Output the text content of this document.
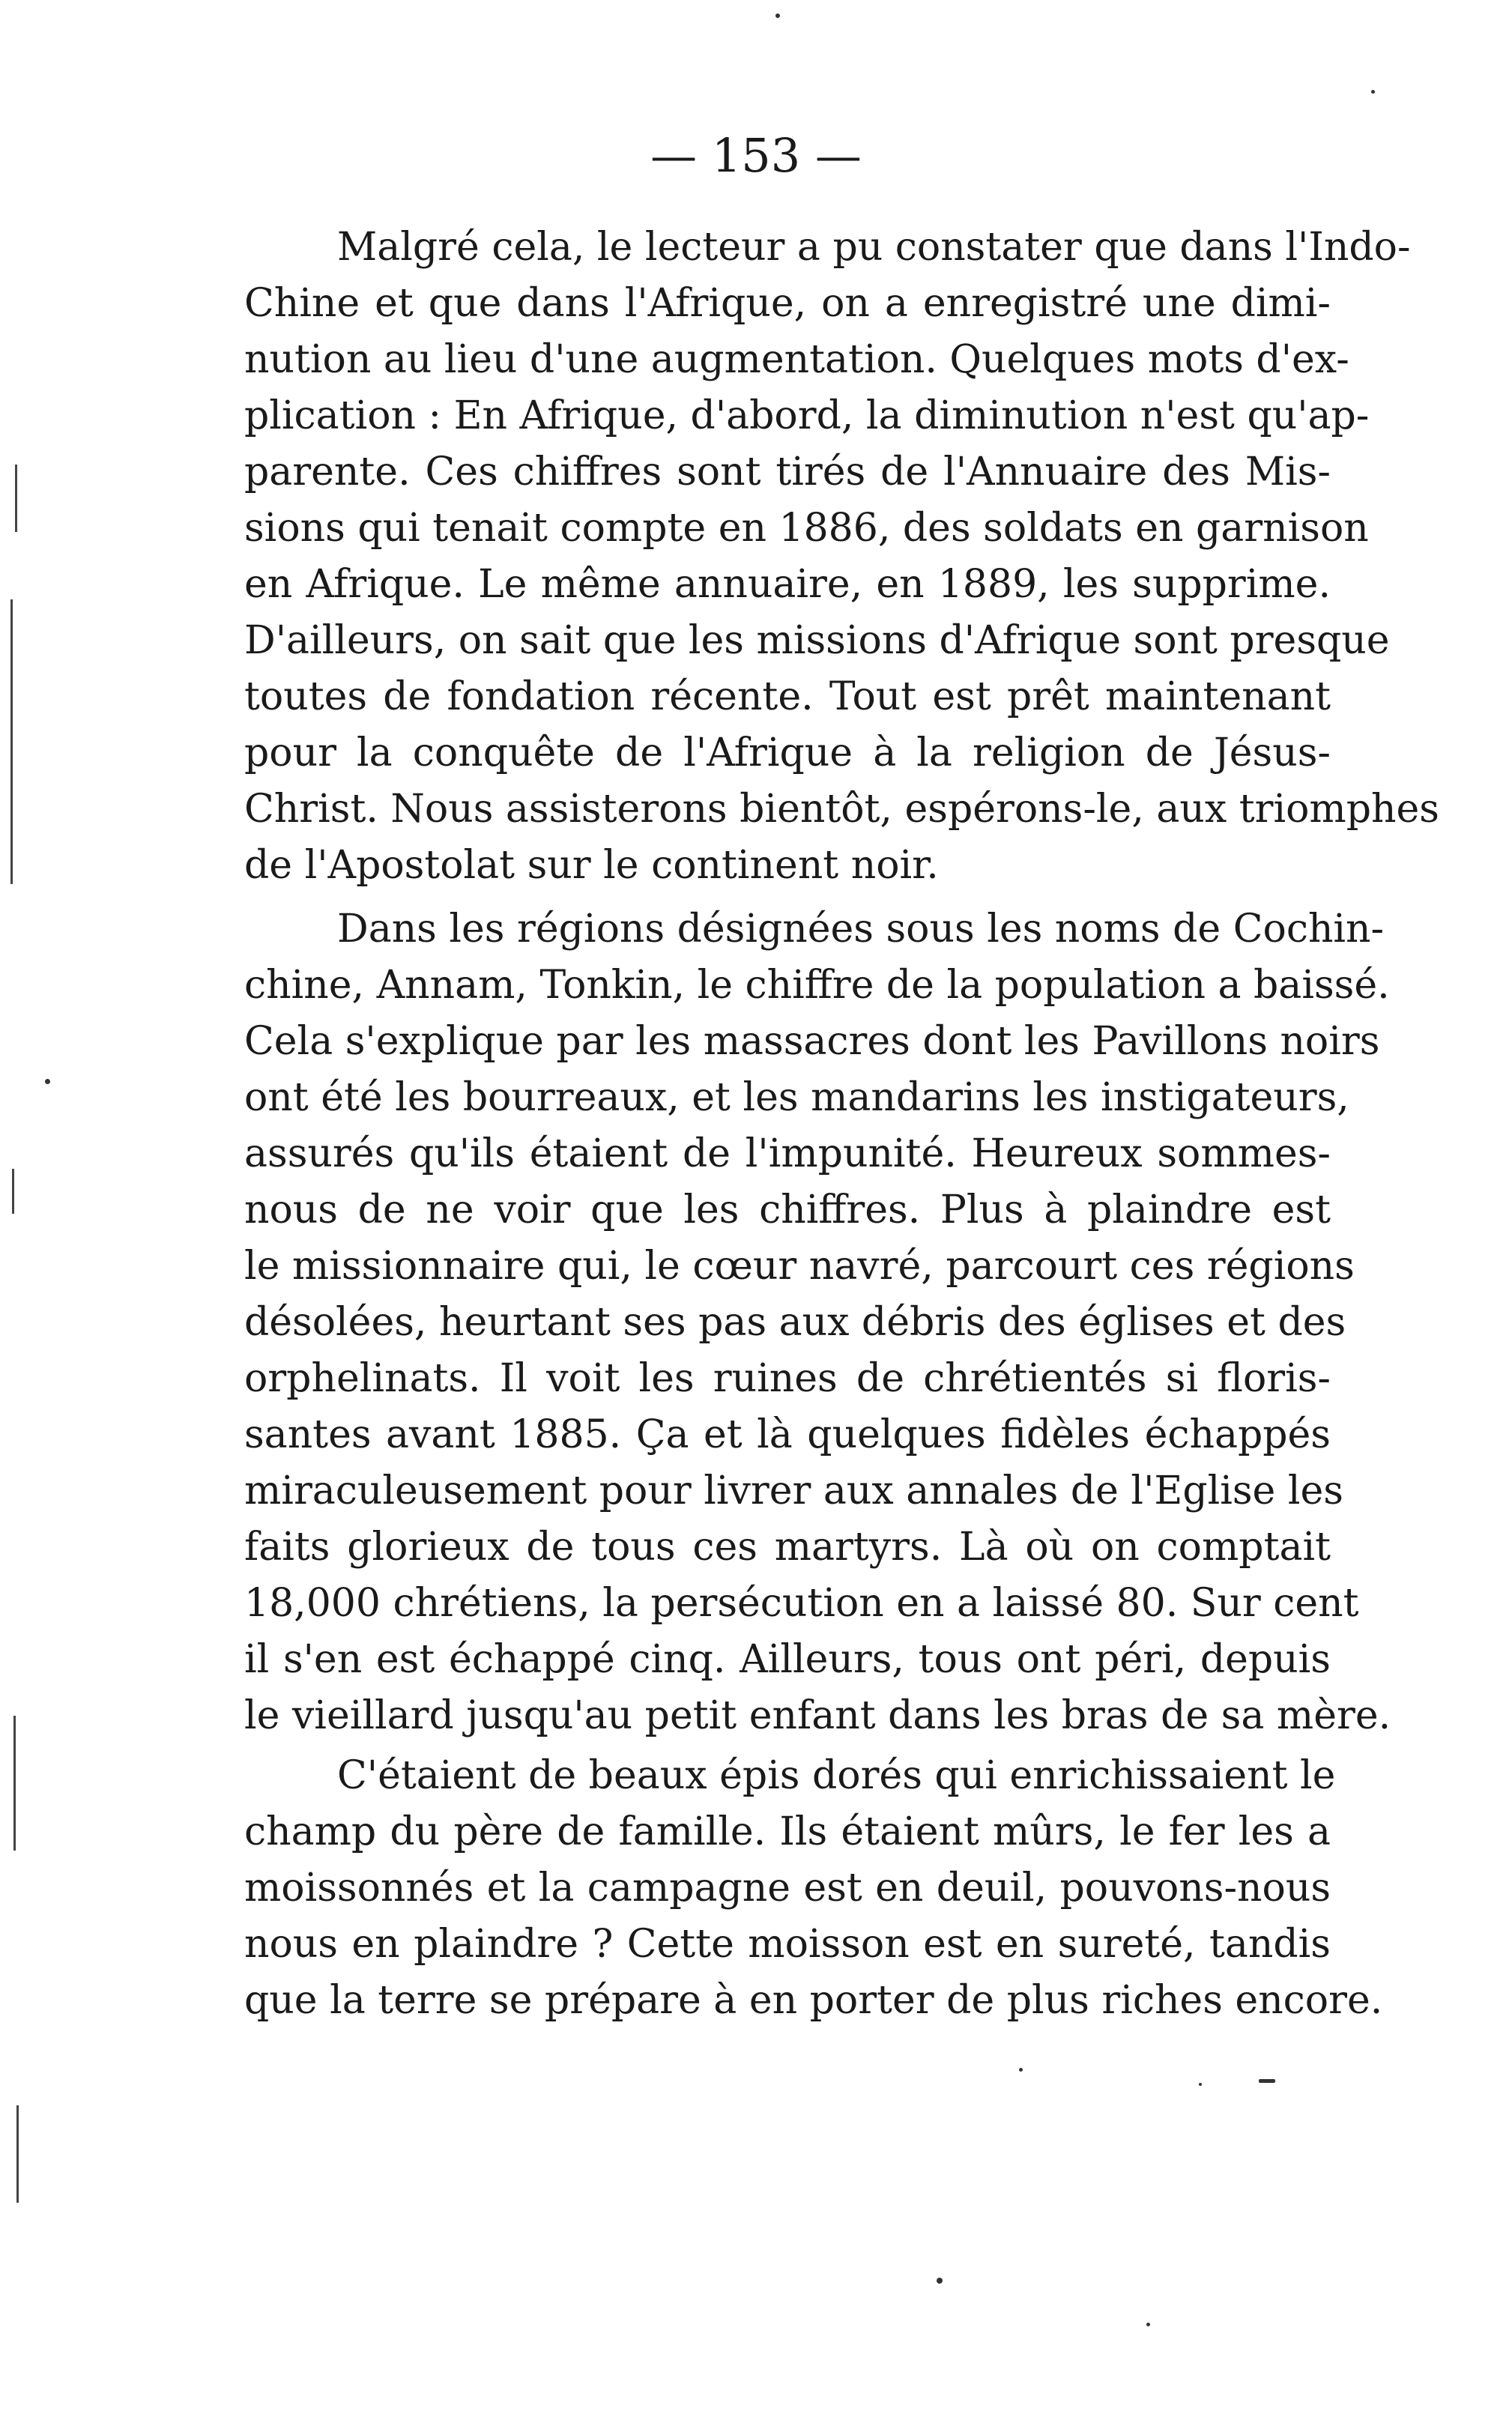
— 153 —
Malgré cela, le lecteur a pu constater que dans l'Indo-
Chine et que dans l'Afrique, on a enregistré une dimi-
nution au lieu d'une augmentation. Quelques mots d'ex-
plication : En Afrique, d'abord, la diminution n'est qu'ap-
parente. Ces chiffres sont tirés de l'Annuaire des Mis-
sions qui tenait compte en 1886, des soldats en garnison
en Afrique. Le même annuaire, en 1889, les supprime.
D'ailleurs, on sait que les missions d'Afrique sont presque
toutes de fondation récente. Tout est prêt maintenant
pour la conquête de l'Afrique à la religion de Jésus-
Christ. Nous assisterons bientôt, espérons-le, aux triomphes
de l'Apostolat sur le continent noir.
Dans les régions désignées sous les noms de Cochin-
chine, Annam, Tonkin, le chiffre de la population a baissé.
Cela s'explique par les massacres dont les Pavillons noirs
ont été les bourreaux, et les mandarins les instigateurs,
assurés qu'ils étaient de l'impunité. Heureux sommes-
nous de ne voir que les chiffres. Plus à plaindre est
le missionnaire qui, le cœur navré, parcourt ces régions
désolées, heurtant ses pas aux débris des églises et des
orphelinats. Il voit les ruines de chrétientés si floris-
santes avant 1885. Ça et là quelques fidèles échappés
miraculeusement pour livrer aux annales de l'Eglise les
faits glorieux de tous ces martyrs. Là où on comptait
18,000 chrétiens, la persécution en a laissé 80. Sur cent
il s'en est échappé cinq. Ailleurs, tous ont péri, depuis
le vieillard jusqu'au petit enfant dans les bras de sa mère.
C'étaient de beaux épis dorés qui enrichissaient le
champ du père de famille. Ils étaient mûrs, le fer les a
moissonnés et la campagne est en deuil, pouvons-nous
nous en plaindre ? Cette moisson est en sureté, tandis
que la terre se prépare à en porter de plus riches encore.
